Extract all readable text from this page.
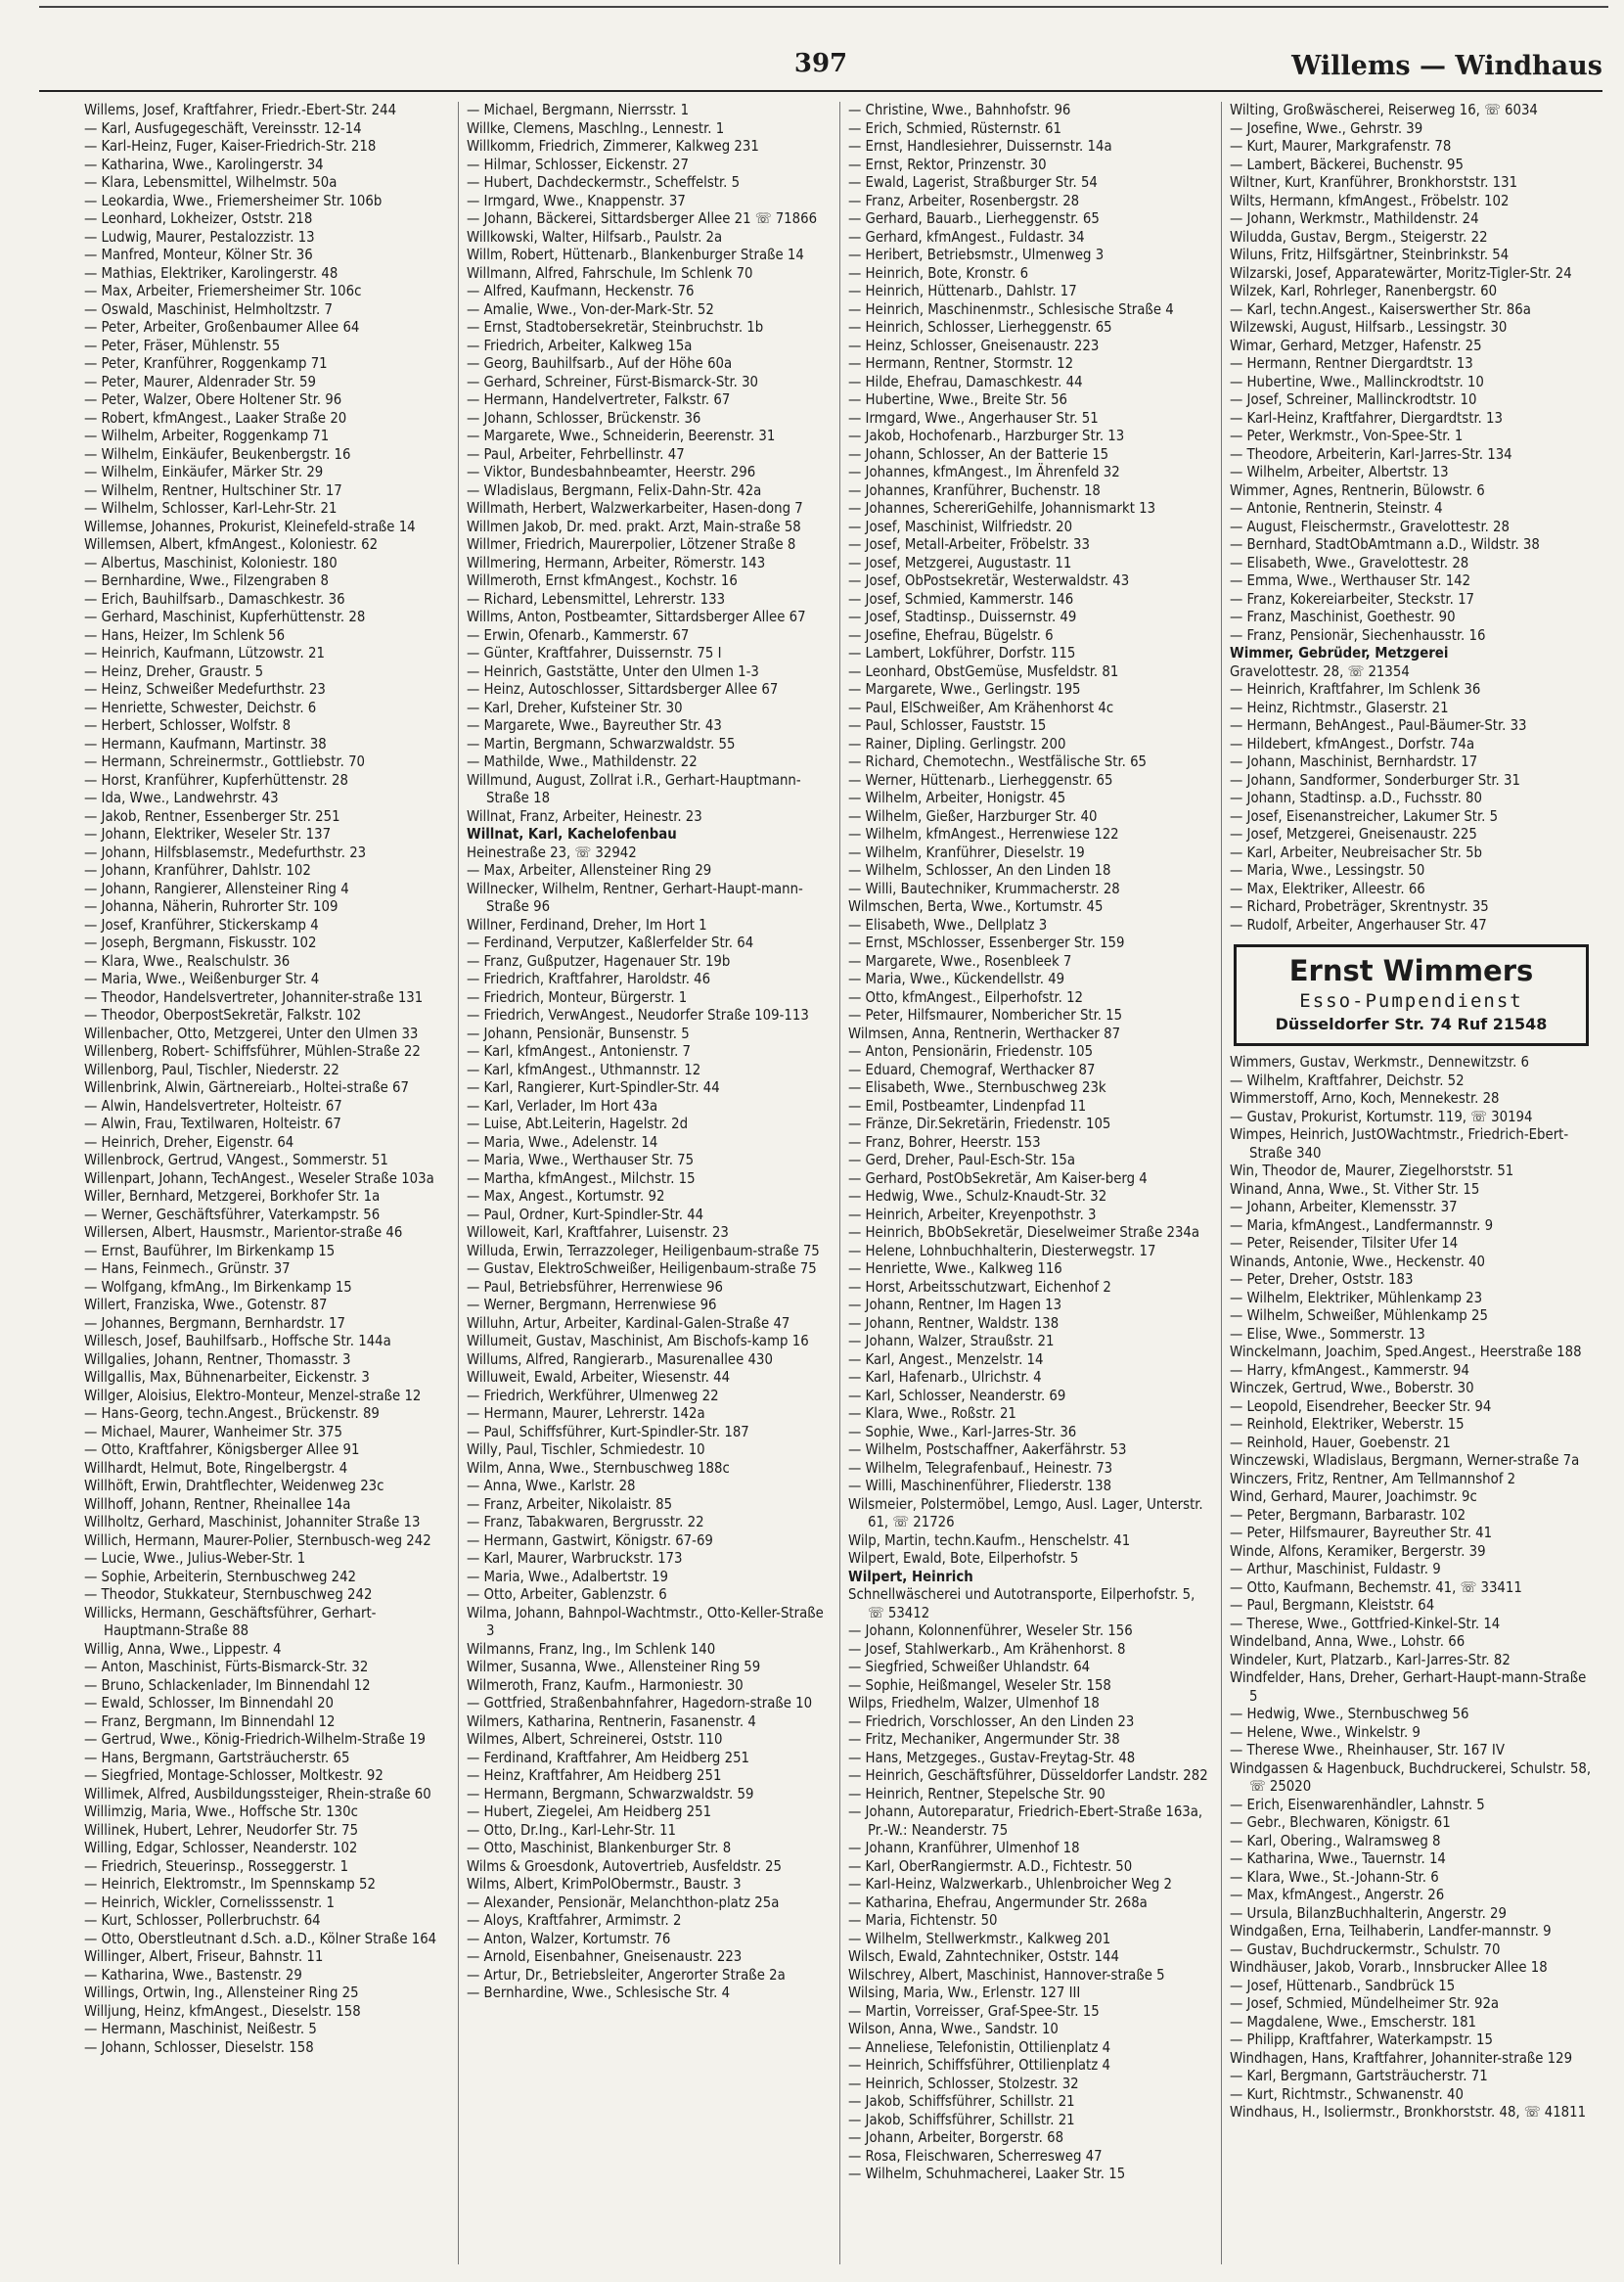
397	Willems — Windhaus
Willems, Josef, Kraftfahrer, Friedr.-Ebert-Str. 244
— Karl, Ausfugegeschäft, Vereinsstr. 12-14
— Karl-Heinz, Fuger, Kaiser-Friedrich-Str. 218
— Katharina, Wwe., Karolingerstr. 34
— Klara, Lebensmittel, Wilhelmstr. 50a
— Leokardia, Wwe., Friemersheimer Str. 106b
— Leonhard, Lokheizer, Oststr. 218
— Ludwig, Maurer, Pestalozzistr. 13
— Manfred, Monteur, Kölner Str. 36
— Mathias, Elektriker, Karolingerstr. 48
— Max, Arbeiter, Friemersheimer Str. 106c
— Oswald, Maschinist, Helmholtzstr. 7
— Peter, Arbeiter, Großenbaumer Allee 64
— Peter, Fräser, Mühlenstr. 55
— Peter, Kranführer, Roggenkamp 71
— Peter, Maurer, Aldenrader Str. 59
— Peter, Walzer, Obere Holtener Str. 96
— Robert, kfmAngest., Laaker Straße 20
— Wilhelm, Arbeiter, Roggenkamp 71
— Wilhelm, Einkäufer, Beukenbergstr. 16
— Wilhelm, Einkäufer, Märker Str. 29
— Wilhelm, Rentner, Hultschiner Str. 17
— Wilhelm, Schlosser, Karl-Lehr-Str. 21
Willemse, Johannes, Prokurist, Kleinefeld-straße 14
Willemsen, Albert, kfmAngest., Koloniestr. 62
— Albertus, Maschinist, Koloniestr. 180
— Bernhardine, Wwe., Filzengraben 8
— Erich, Bauhilfsarb., Damaschkestr. 36
— Gerhard, Maschinist, Kupferhüttenstr. 28
— Hans, Heizer, Im Schlenk 56
— Heinrich, Kaufmann, Lützowstr. 21
— Heinz, Dreher, Graustr. 5
— Heinz, Schweißer Medefurthstr. 23
— Henriette, Schwester, Deichstr. 6
— Herbert, Schlosser, Wolfstr. 8
— Hermann, Kaufmann, Martinstr. 38
— Hermann, Schreinermstr., Gottliebstr. 70
— Horst, Kranführer, Kupferhüttenstr. 28
— Ida, Wwe., Landwehrstr. 43
— Jakob, Rentner, Essenberger Str. 251
— Johann, Elektriker, Weseler Str. 137
— Johann, Hilfsblasemstr., Medefurthstr. 23
— Johann, Kranführer, Dahlstr. 102
— Johann, Rangierer, Allensteiner Ring 4
— Johanna, Näherin, Ruhrorter Str. 109
— Josef, Kranführer, Stickerskamp 4
— Joseph, Bergmann, Fiskusstr. 102
— Klara, Wwe., Realschulstr. 36
— Maria, Wwe., Weißenburger Str. 4
— Theodor, Handelsvertreter, Johanniter-straße 131
— Theodor, OberpostSekretär, Falkstr. 102
Willenbacher, Otto, Metzgerei, Unter den Ulmen 33
Willenberg, Robert- Schiffsführer, Mühlen-Straße 22
Willenborg, Paul, Tischler, Niederstr. 22
Willenbrink, Alwin, Gärtnereiarb., Holtei-straße 67
— Alwin, Handelsvertreter, Holteistr. 67
— Alwin, Frau, Textilwaren, Holteistr. 67
— Heinrich, Dreher, Eigenstr. 64
Willenbrock, Gertrud, VAngest., Sommerstr. 51
Willenpart, Johann, TechAngest., Weseler Straße 103a
Willer, Bernhard, Metzgerei, Borkhofer Str. 1a
— Werner, Geschäftsführer, Vaterkampstr. 56
Willersen, Albert, Hausmstr., Marientor-straße 46
— Ernst, Bauführer, Im Birkenkamp 15
— Hans, Feinmech., Grünstr. 37
— Wolfgang, kfmAng., Im Birkenkamp 15
Willert, Franziska, Wwe., Gotenstr. 87
— Johannes, Bergmann, Bernhardstr. 17
Willesch, Josef, Bauhilfsarb., Hoffsche Str. 144a
Willgalies, Johann, Rentner, Thomasstr. 3
Willgallis, Max, Bühnenarbeiter, Eickenstr. 3
Willger, Aloisius, Elektro-Monteur, Menzel-straße 12
— Hans-Georg, techn.Angest., Brückenstr. 89
— Michael, Maurer, Wanheimer Str. 375
— Otto, Kraftfahrer, Königsberger Allee 91
Willhardt, Helmut, Bote, Ringelbergstr. 4
Willhöft, Erwin, Drahtflechter, Weidenweg 23c
Willhoff, Johann, Rentner, Rheinallee 14a
Willholtz, Gerhard, Maschinist, Johanniter Straße 13
Willich, Hermann, Maurer-Polier, Sternbusch-weg 242
— Lucie, Wwe., Julius-Weber-Str. 1
— Sophie, Arbeiterin, Sternbuschweg 242
— Theodor, Stukkateur, Sternbuschweg 242
Willicks, Hermann, Geschäftsführer, Gerhart-Hauptmann-Straße 88
Willig, Anna, Wwe., Lippestr. 4
— Anton, Maschinist, Fürts-Bismarck-Str. 32
— Bruno, Schlackenlader, Im Binnendahl 12
— Ewald, Schlosser, Im Binnendahl 20
— Franz, Bergmann, Im Binnendahl 12
— Gertrud, Wwe., König-Friedrich-Wilhelm-Straße 19
— Hans, Bergmann, Gartsträucherstr. 65
— Siegfried, Montage-Schlosser, Moltkestr. 92
Willimek, Alfred, Ausbildungssteiger, Rhein-straße 60
Willimzig, Maria, Wwe., Hoffsche Str. 130c
Willinek, Hubert, Lehrer, Neudorfer Str. 75
Willing, Edgar, Schlosser, Neanderstr. 102
— Friedrich, Steuerinsp., Rosseggerstr. 1
— Heinrich, Elektromstr., Im Spennskamp 52
— Heinrich, Wickler, Cornelisssenstr. 1
— Kurt, Schlosser, Pollerbruchstr. 64
— Otto, Oberstleutnant d.Sch. a.D., Kölner Straße 164
Willinger, Albert, Friseur, Bahnstr. 11
— Katharina, Wwe., Bastenstr. 29
Willings, Ortwin, Ing., Allensteiner Ring 25
Willjung, Heinz, kfmAngest., Dieselstr. 158
— Hermann, Maschinist, Neißestr. 5
— Johann, Schlosser, Dieselstr. 158
— Michael, Bergmann, Nierrsstr. 1
Willke, Clemens, Maschlng., Lennestr. 1
Willkomm, Friedrich, Zimmerer, Kalkweg 231
— Hilmar, Schlosser, Eickenstr. 27
— Hubert, Dachdeckermstr., Scheffelstr. 5
— Irmgard, Wwe., Knappenstr. 37
— Johann, Bäckerei, Sittardsberger Allee 21 ☏ 71866
Willkowski, Walter, Hilfsarb., Paulstr. 2a
Willm, Robert, Hüttenarb., Blankenburger Straße 14
Willmann, Alfred, Fahrschule, Im Schlenk 70
— Alfred, Kaufmann, Heckenstr. 76
— Amalie, Wwe., Von-der-Mark-Str. 52
— Ernst, Stadtobersekretär, Steinbruchstr. 1b
— Friedrich, Arbeiter, Kalkweg 15a
— Georg, Bauhilfsarb., Auf der Höhe 60a
— Gerhard, Schreiner, Fürst-Bismarck-Str. 30
— Hermann, Handelvertreter, Falkstr. 67
— Johann, Schlosser, Brückenstr. 36
— Margarete, Wwe., Schneiderin, Beerenstr. 31
— Paul, Arbeiter, Fehrbellinstr. 47
— Viktor, Bundesbahnbeamter, Heerstr. 296
— Wladislaus, Bergmann, Felix-Dahn-Str. 42a
Willmath, Herbert, Walzwerkarbeiter, Hasen-dong 7
Willmen Jakob, Dr. med. prakt. Arzt, Main-straße 58
Willmer, Friedrich, Maurerpolier, Lötzener Straße 8
Willmering, Hermann, Arbeiter, Römerstr. 143
Willmeroth, Ernst kfmAngest., Kochstr. 16
— Richard, Lebensmittel, Lehrerstr. 133
Willms, Anton, Postbeamter, Sittardsberger Allee 67
— Erwin, Ofenarb., Kammerstr. 67
— Günter, Kraftfahrer, Duissernstr. 75 I
— Heinrich, Gaststätte, Unter den Ulmen 1-3
— Heinz, Autoschlosser, Sittardsberger Allee 67
— Karl, Dreher, Kufsteiner Str. 30
— Margarete, Wwe., Bayreuther Str. 43
— Martin, Bergmann, Schwarzwaldstr. 55
— Mathilde, Wwe., Mathildenstr. 22
Willmund, August, Zollrat i.R., Gerhart-Hauptmann-Straße 18
Willnat, Franz, Arbeiter, Heinestr. 23
Willnat, Karl, Kachelofenbau
Heinestraße 23, ☏ 32942
— Max, Arbeiter, Allensteiner Ring 29
Willnecker, Wilhelm, Rentner, Gerhart-Haupt-mann-Straße 96
Willner, Ferdinand, Dreher, Im Hort 1
— Ferdinand, Verputzer, Kaßlerfelder Str. 64
— Franz, Gußputzer, Hagenauer Str. 19b
— Friedrich, Kraftfahrer, Haroldstr. 46
— Friedrich, Monteur, Bürgerstr. 1
— Friedrich, VerwAngest., Neudorfer Straße 109-113
— Johann, Pensionär, Bunsenstr. 5
— Karl, kfmAngest., Antonienstr. 7
— Karl, kfmAngest., Uthmannstr. 12
— Karl, Rangierer, Kurt-Spindler-Str. 44
— Karl, Verlader, Im Hort 43a
— Luise, Abt.Leiterin, Hagelstr. 2d
— Maria, Wwe., Adelenstr. 14
— Maria, Wwe., Werthauser Str. 75
— Martha, kfmAngest., Milchstr. 15
— Max, Angest., Kortumstr. 92
— Paul, Ordner, Kurt-Spindler-Str. 44
Willoweit, Karl, Kraftfahrer, Luisenstr. 23
Willuda, Erwin, Terrazzoleger, Heiligenbaum-straße 75
— Gustav, ElektroSchweißer, Heiligenbaum-straße 75
— Paul, Betriebsführer, Herrenwiese 96
— Werner, Bergmann, Herrenwiese 96
Willuhn, Artur, Arbeiter, Kardinal-Galen-Straße 47
Willumeit, Gustav, Maschinist, Am Bischofs-kamp 16
Willums, Alfred, Rangierarb., Masurenallee 430
Willuweit, Ewald, Arbeiter, Wiesenstr. 44
— Friedrich, Werkführer, Ulmenweg 22
— Hermann, Maurer, Lehrerstr. 142a
— Paul, Schiffsführer, Kurt-Spindler-Str. 187
Willy, Paul, Tischler, Schmiedestr. 10
Wilm, Anna, Wwe., Sternbuschweg 188c
— Anna, Wwe., Karlstr. 28
— Franz, Arbeiter, Nikolaistr. 85
— Franz, Tabakwaren, Bergrusstr. 22
— Hermann, Gastwirt, Königstr. 67-69
— Karl, Maurer, Warbruckstr. 173
— Maria, Wwe., Adalbertstr. 19
— Otto, Arbeiter, Gablenzstr. 6
Wilma, Johann, Bahnpol-Wachtmstr., Otto-Keller-Straße 3
Wilmanns, Franz, Ing., Im Schlenk 140
Wilmer, Susanna, Wwe., Allensteiner Ring 59
Wilmeroth, Franz, Kaufm., Harmoniestr. 30
— Gottfried, Straßenbahnfahrer, Hagedorn-straße 10
Wilmers, Katharina, Rentnerin, Fasanenstr. 4
Wilmes, Albert, Schreinerei, Oststr. 110
— Ferdinand, Kraftfahrer, Am Heidberg 251
— Heinz, Kraftfahrer, Am Heidberg 251
— Hermann, Bergmann, Schwarzwaldstr. 59
— Hubert, Ziegelei, Am Heidberg 251
— Otto, Dr.Ing., Karl-Lehr-Str. 11
— Otto, Maschinist, Blankenburger Str. 8
Wilms & Groesdonk, Autovertrieb, Ausfeldstr. 25
Wilms, Albert, KrimPolObermstr., Baustr. 3
— Alexander, Pensionär, Melanchthon-platz 25a
— Aloys, Kraftfahrer, Armimstr. 2
— Anton, Walzer, Kortumstr. 76
— Arnold, Eisenbahner, Gneisenaustr. 223
— Artur, Dr., Betriebsleiter, Angerorter Straße 2a
— Bernhardine, Wwe., Schlesische Str. 4
— Christine, Wwe., Bahnhofstr. 96
— Erich, Schmied, Rüsternstr. 61
— Ernst, Handlesiehrer, Duissernstr. 14a
— Ernst, Rektor, Prinzenstr. 30
— Ewald, Lagerist, Straßburger Str. 54
— Franz, Arbeiter, Rosenbergstr. 28
— Gerhard, Bauarb., Lierheggenstr. 65
— Gerhard, kfmAngest., Fuldastr. 34
— Heribert, Betriebsmstr., Ulmenweg 3
— Heinrich, Bote, Kronstr. 6
— Heinrich, Hüttenarb., Dahlstr. 17
— Heinrich, Maschinenmstr., Schlesische Straße 4
— Heinrich, Schlosser, Lierheggenstr. 65
— Heinz, Schlosser, Gneisenaustr. 223
— Hermann, Rentner, Stormstr. 12
— Hilde, Ehefrau, Damaschkestr. 44
— Hubertine, Wwe., Breite Str. 56
— Irmgard, Wwe., Angerhauser Str. 51
— Jakob, Hochofenarb., Harzburger Str. 13
— Johann, Schlosser, An der Batterie 15
— Johannes, kfmAngest., Im Ährenfeld 32
— Johannes, Kranführer, Buchenstr. 18
— Johannes, SchereriGehilfe, Johannismarkt 13
— Josef, Maschinist, Wilfriedstr. 20
— Josef, Metall-Arbeiter, Fröbelstr. 33
— Josef, Metzgerei, Augustastr. 11
— Josef, ObPostsekretär, Westerwaldstr. 43
— Josef, Schmied, Kammerstr. 146
— Josef, Stadtinsp., Duissernstr. 49
— Josefine, Ehefrau, Bügelstr. 6
— Lambert, Lokführer, Dorfstr. 115
— Leonhard, ObstGemüse, Musfeldstr. 81
— Margarete, Wwe., Gerlingstr. 195
— Paul, ElSchweißer, Am Krähenhorst 4c
— Paul, Schlosser, Fauststr. 15
— Rainer, Dipling. Gerlingstr. 200
— Richard, Chemotechn., Westfälische Str. 65
— Werner, Hüttenarb., Lierheggenstr. 65
— Wilhelm, Arbeiter, Honigstr. 45
— Wilhelm, Gießer, Harzburger Str. 40
— Wilhelm, kfmAngest., Herrenwiese 122
— Wilhelm, Kranführer, Dieselstr. 19
— Wilhelm, Schlosser, An den Linden 18
— Willi, Bautechniker, Krummacherstr. 28
Wilmschen, Berta, Wwe., Kortumstr. 45
— Elisabeth, Wwe., Dellplatz 3
— Ernst, MSchlosser, Essenberger Str. 159
— Margarete, Wwe., Rosenbleek 7
— Maria, Wwe., Kückendellstr. 49
— Otto, kfmAngest., Eilperhofstr. 12
— Peter, Hilfsmaurer, Nombericher Str. 15
Wilmsen, Anna, Rentnerin, Werthacker 87
— Anton, Pensionärin, Friedenstr. 105
— Eduard, Chemograf, Werthacker 87
— Elisabeth, Wwe., Sternbuschweg 23k
— Emil, Postbeamter, Lindenpfad 11
— Fränze, Dir.Sekretärin, Friedenstr. 105
— Franz, Bohrer, Heerstr. 153
— Gerd, Dreher, Paul-Esch-Str. 15a
— Gerhard, PostObSekretär, Am Kaiser-berg 4
— Hedwig, Wwe., Schulz-Knaudt-Str. 32
— Heinrich, Arbeiter, Kreyenpothstr. 3
— Heinrich, BbObSekretär, Dieselweimer Straße 234a
— Helene, Lohnbuchhalterin, Diesterwegstr. 17
— Henriette, Wwe., Kalkweg 116
— Horst, Arbeitsschutzwart, Eichenhof 2
— Johann, Rentner, Im Hagen 13
— Johann, Rentner, Waldstr. 138
— Johann, Walzer, Straußstr. 21
— Karl, Angest., Menzelstr. 14
— Karl, Hafenarb., Ulrichstr. 4
— Karl, Schlosser, Neanderstr. 69
— Klara, Wwe., Roßstr. 21
— Sophie, Wwe., Karl-Jarres-Str. 36
— Wilhelm, Postschaffner, Aakerfährstr. 53
— Wilhelm, Telegrafenbauf., Heinestr. 73
— Willi, Maschinenführer, Fliederstr. 138
Wilsmeier, Polstermöbel, Lemgo, Ausl. Lager, Unterstr. 61, ☏ 21726
Wilp, Martin, techn.Kaufm., Henschelstr. 41
Wilpert, Ewald, Bote, Eilperhofstr. 5
Wilpert, Heinrich
Schnellwäscherei und Autotransporte, Eilperhofstr. 5, ☏ 53412
— Johann, Kolonnenführer, Weseler Str. 156
— Josef, Stahlwerkarb., Am Krähenhorst. 8
— Siegfried, Schweißer Uhlandstr. 64
— Sophie, Heißmangel, Weseler Str. 158
Wilps, Friedhelm, Walzer, Ulmenhof 18
— Friedrich, Vorschlosser, An den Linden 23
— Fritz, Mechaniker, Angermunder Str. 38
— Hans, Metzgeges., Gustav-Freytag-Str. 48
— Heinrich, Geschäftsführer, Düsseldorfer Landstr. 282
— Heinrich, Rentner, Stepelsche Str. 90
— Johann, Autoreparatur, Friedrich-Ebert-Straße 163a, Pr.-W.: Neanderstr. 75
— Johann, Kranführer, Ulmenhof 18
— Karl, OberRangiermstr. A.D., Fichtestr. 50
— Karl-Heinz, Walzwerkarb., Uhlenbroicher Weg 2
— Katharina, Ehefrau, Angermunder Str. 268a
— Maria, Fichtenstr. 50
— Wilhelm, Stellwerkmstr., Kalkweg 201
Wilsch, Ewald, Zahntechniker, Oststr. 144
Wilschrey, Albert, Maschinist, Hannover-straße 5
Wilsing, Maria, Ww., Erlenstr. 127 III
— Martin, Vorreisser, Graf-Spee-Str. 15
Wilson, Anna, Wwe., Sandstr. 10
— Anneliese, Telefonistin, Ottilienplatz 4
— Heinrich, Schiffsführer, Ottilienplatz 4
— Heinrich, Schlosser, Stolzestr. 32
— Jakob, Schiffsführer, Schillstr. 21
— Jakob, Schiffsführer, Schillstr. 21
— Johann, Arbeiter, Borgerstr. 68
— Rosa, Fleischwaren, Scherresweg 47
— Wilhelm, Schuhmacherei, Laaker Str. 15
Wilting, Großwäscherei, Reiserweg 16, ☏ 6034
— Josefine, Wwe., Gehrstr. 39
— Kurt, Maurer, Markgrafenstr. 78
— Lambert, Bäckerei, Buchenstr. 95
Wiltner, Kurt, Kranführer, Bronkhorststr. 131
Wilts, Hermann, kfmAngest., Fröbelstr. 102
— Johann, Werkmstr., Mathildenstr. 24
Wiludda, Gustav, Bergm., Steigerstr. 22
Wiluns, Fritz, Hilfsgärtner, Steinbrinkstr. 54
Wilzarski, Josef, Apparatewärter, Moritz-Tigler-Str. 24
Wilzek, Karl, Rohrleger, Ranenbergstr. 60
— Karl, techn.Angest., Kaiserswerther Str. 86a
Wilzewski, August, Hilfsarb., Lessingstr. 30
Wimar, Gerhard, Metzger, Hafenstr. 25
— Hermann, Rentner Diergardtstr. 13
— Hubertine, Wwe., Mallinckrodtstr. 10
— Josef, Schreiner, Mallinckrodtstr. 10
— Karl-Heinz, Kraftfahrer, Diergardtstr. 13
— Peter, Werkmstr., Von-Spee-Str. 1
— Theodore, Arbeiterin, Karl-Jarres-Str. 134
— Wilhelm, Arbeiter, Albertstr. 13
Wimmer, Agnes, Rentnerin, Bülowstr. 6
— Antonie, Rentnerin, Steinstr. 4
— August, Fleischermstr., Gravelottestr. 28
— Bernhard, StadtObAmtmann a.D., Wildstr. 38
— Elisabeth, Wwe., Gravelottestr. 28
— Emma, Wwe., Werthauser Str. 142
— Franz, Kokereiarbeiter, Steckstr. 17
— Franz, Maschinist, Goethestr. 90
— Franz, Pensionär, Siechenhausstr. 16
Wimmer, Gebrüder, Metzgerei
Gravelottestr. 28, ☏ 21354
— Heinrich, Kraftfahrer, Im Schlenk 36
— Heinz, Richtmstr., Glaserstr. 21
— Hermann, BehAngest., Paul-Bäumer-Str. 33
— Hildebert, kfmAngest., Dorfstr. 74a
— Johann, Maschinist, Bernhardstr. 17
— Johann, Sandformer, Sonderburger Str. 31
— Johann, Stadtinsp. a.D., Fuchsstr. 80
— Josef, Eisenanstreicher, Lakumer Str. 5
— Josef, Metzgerei, Gneisenaustr. 225
— Karl, Arbeiter, Neubreisacher Str. 5b
— Maria, Wwe., Lessingstr. 50
— Max, Elektriker, Alleestr. 66
— Richard, Probeträger, Skrentnystr. 35
— Rudolf, Arbeiter, Angerhauser Str. 47
Ernst Wimmers
Esso-Pumpendienst
Düsseldorfer Str. 74 Ruf 21548
Wimmers, Gustav, Werkmstr., Dennewitzstr. 6
— Wilhelm, Kraftfahrer, Deichstr. 52
Wimmerstoff, Arno, Koch, Mennekestr. 28
— Gustav, Prokurist, Kortumstr. 119, ☏ 30194
Wimpes, Heinrich, JustOWachtmstr., Friedrich-Ebert-Straße 340
Win, Theodor de, Maurer, Ziegelhorststr. 51
Winand, Anna, Wwe., St. Vither Str. 15
— Johann, Arbeiter, Klemensstr. 37
— Maria, kfmAngest., Landfermannstr. 9
— Peter, Reisender, Tilsiter Ufer 14
Winands, Antonie, Wwe., Heckenstr. 40
— Peter, Dreher, Oststr. 183
— Wilhelm, Elektriker, Mühlenkamp 23
— Wilhelm, Schweißer, Mühlenkamp 25
— Elise, Wwe., Sommerstr. 13
Winckelmann, Joachim, Sped.Angest., Heerstraße 188
— Harry, kfmAngest., Kammerstr. 94
Winczek, Gertrud, Wwe., Boberstr. 30
— Leopold, Eisendreher, Beecker Str. 94
— Reinhold, Elektriker, Weberstr. 15
— Reinhold, Hauer, Goebenstr. 21
Winczewski, Wladislaus, Bergmann, Werner-straße 7a
Winczers, Fritz, Rentner, Am Tellmannshof 2
Wind, Gerhard, Maurer, Joachimstr. 9c
— Peter, Bergmann, Barbarastr. 102
— Peter, Hilfsmaurer, Bayreuther Str. 41
Winde, Alfons, Keramiker, Bergerstr. 39
— Arthur, Maschinist, Fuldastr. 9
— Otto, Kaufmann, Bechemstr. 41, ☏ 33411
— Paul, Bergmann, Kleiststr. 64
— Therese, Wwe., Gottfried-Kinkel-Str. 14
Windelband, Anna, Wwe., Lohstr. 66
Windeler, Kurt, Platzarb., Karl-Jarres-Str. 82
Windfelder, Hans, Dreher, Gerhart-Haupt-mann-Straße 5
— Hedwig, Wwe., Sternbuschweg 56
— Helene, Wwe., Winkelstr. 9
— Therese Wwe., Rheinhauser, Str. 167 IV
Windgassen & Hagenbuck, Buchdruckerei, Schulstr. 58, ☏ 25020
— Erich, Eisenwarenhändler, Lahnstr. 5
— Gebr., Blechwaren, Königstr. 61
— Karl, Obering., Walramsweg 8
— Katharina, Wwe., Tauernstr. 14
— Klara, Wwe., St.-Johann-Str. 6
— Max, kfmAngest., Angerstr. 26
— Ursula, BilanzBuchhalterin, Angerstr. 29
Windgaßen, Erna, Teilhaberin, Landfer-mannstr. 9
— Gustav, Buchdruckermstr., Schulstr. 70
Windhäuser, Jakob, Vorarb., Innsbrucker Allee 18
— Josef, Hüttenarb., Sandbrück 15
— Josef, Schmied, Mündelheimer Str. 92a
— Magdalene, Wwe., Emscherstr. 181
— Philipp, Kraftfahrer, Waterkampstr. 15
Windhagen, Hans, Kraftfahrer, Johanniter-straße 129
— Karl, Bergmann, Gartsträucherstr. 71
— Kurt, Richtmstr., Schwanenstr. 40
Windhaus, H., Isoliermstr., Bronkhorststr. 48, ☏ 41811
